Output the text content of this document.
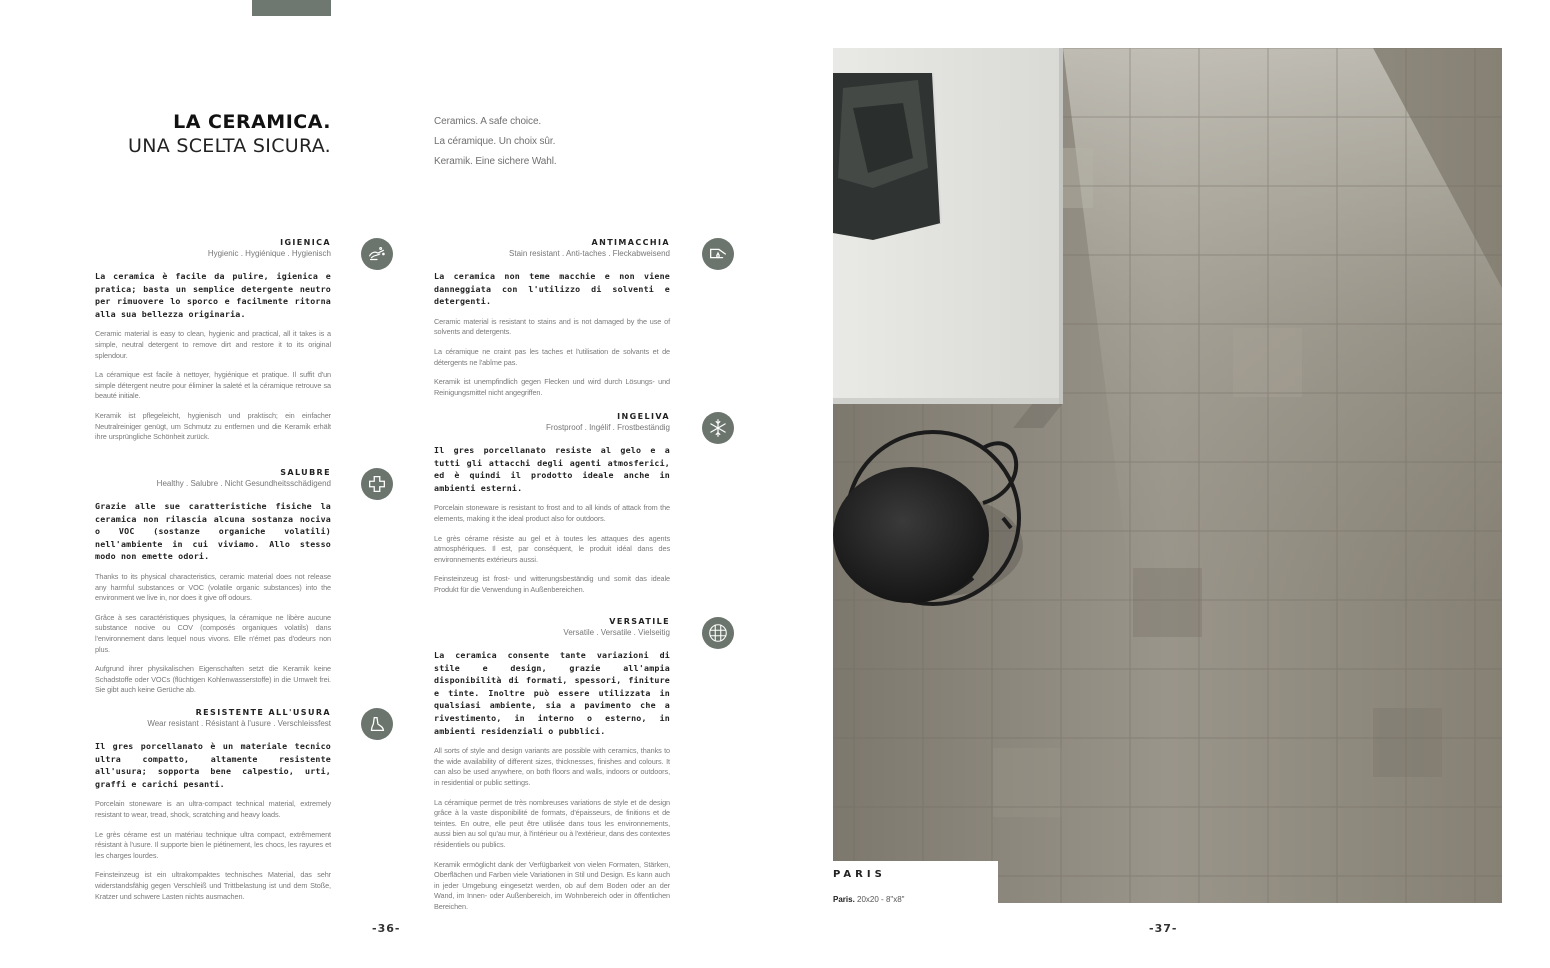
LA CERAMICA.
UNA SCELTA SICURA.
Ceramics. A safe choice.
La céramique. Un choix sûr.
Keramik. Eine sichere Wahl.
IGIENICA
Hygienic . Hygiénique . Hygienisch
La ceramica è facile da pulire, igienica e pratica; basta un semplice detergente neutro per rimuovere lo sporco e facilmente ritorna alla sua bellezza originaria.
Ceramic material is easy to clean, hygienic and practical, all it takes is a simple, neutral detergent to remove dirt and restore it to its original splendour.
La céramique est facile à nettoyer, hygiénique et pratique. Il suffit d'un simple détergent neutre pour éliminer la saleté et la céramique retrouve sa beauté initiale.
Keramik ist pflegeleicht, hygienisch und praktisch; ein einfacher Neutralreiniger genügt, um Schmutz zu entfernen und die Keramik erhält ihre ursprüngliche Schönheit zurück.
SALUBRE
Healthy . Salubre . Nicht Gesundheitsschädigend
Grazie alle sue caratteristiche fisiche la ceramica non rilascia alcuna sostanza nociva o VOC (sostanze organiche volatili) nell'ambiente in cui viviamo. Allo stesso modo non emette odori.
Thanks to its physical characteristics, ceramic material does not release any harmful substances or VOC (volatile organic substances) into the environment we live in, nor does it give off odours.
Grâce à ses caractéristiques physiques, la céramique ne libère aucune substance nocive ou COV (composés organiques volatils) dans l'environnement dans lequel nous vivons. Elle n'émet pas d'odeurs non plus.
Aufgrund ihrer physikalischen Eigenschaften setzt die Keramik keine Schadstoffe oder VOCs (flüchtigen Kohlenwasserstoffe) in die Umwelt frei. Sie gibt auch keine Gerüche ab.
RESISTENTE ALL'USURA
Wear resistant . Résistant à l'usure . Verschleissfest
Il gres porcellanato è un materiale tecnico ultra compatto, altamente resistente all'usura; sopporta bene calpestio, urti, graffi e carichi pesanti.
Porcelain stoneware is an ultra-compact technical material, extremely resistant to wear, tread, shock, scratching and heavy loads.
Le grès cérame est un matériau technique ultra compact, extrêmement résistant à l'usure. Il supporte bien le piétinement, les chocs, les rayures et les charges lourdes.
Feinsteinzeug ist ein ultrakompaktes technisches Material, das sehr widerstandsfähig gegen Verschleiß und Trittbelastung ist und dem Stoße, Kratzer und schwere Lasten nichts ausmachen.
ANTIMACCHIA
Stain resistant . Anti-taches . Fleckabweisend
La ceramica non teme macchie e non viene danneggiata con l'utilizzo di solventi e detergenti.
Ceramic material is resistant to stains and is not damaged by the use of solvents and detergents.
La céramique ne craint pas les taches et l'utilisation de solvants et de détergents ne l'abîme pas.
Keramik ist unempfindlich gegen Flecken und wird durch Lösungs- und Reinigungsmittel nicht angegriffen.
INGELIVA
Frostproof . Ingélif . Frostbeständig
Il gres porcellanato resiste al gelo e a tutti gli attacchi degli agenti atmosferici, ed è quindi il prodotto ideale anche in ambienti esterni.
Porcelain stoneware is resistant to frost and to all kinds of attack from the elements, making it the ideal product also for outdoors.
Le grès cérame résiste au gel et à toutes les attaques des agents atmosphériques. Il est, par conséquent, le produit idéal dans des environnements extérieurs aussi.
Feinsteinzeug ist frost- und witterungsbeständig und somit das ideale Produkt für die Verwendung in Außenbereichen.
VERSATILE
Versatile . Versatile . Vielseitig
La ceramica consente tante variazioni di stile e design, grazie all'ampia disponibilità di formati, spessori, finiture e tinte. Inoltre può essere utilizzata in qualsiasi ambiente, sia a pavimento che a rivestimento, in interno o esterno, in ambienti residenziali o pubblici.
All sorts of style and design variants are possible with ceramics, thanks to the wide availability of different sizes, thicknesses, finishes and colours. It can also be used anywhere, on both floors and walls, indoors or outdoors, in residential or public settings.
La céramique permet de très nombreuses variations de style et de design grâce à la vaste disponibilité de formats, d'épaisseurs, de finitions et de teintes. En outre, elle peut être utilisée dans tous les environnements, aussi bien au sol qu'au mur, à l'intérieur ou à l'extérieur, dans des contextes résidentiels ou publics.
Keramik ermöglicht dank der Verfügbarkeit von vielen Formaten, Stärken, Oberflächen und Farben viele Variationen in Stil und Design. Es kann auch in jeder Umgebung eingesetzt werden, ob auf dem Boden oder an der Wand, im Innen- oder Außenbereich, im Wohnbereich oder in öffentlichen Bereichen.
-36-	-37-
PARIS
Paris. 20x20 - 8"x8"
